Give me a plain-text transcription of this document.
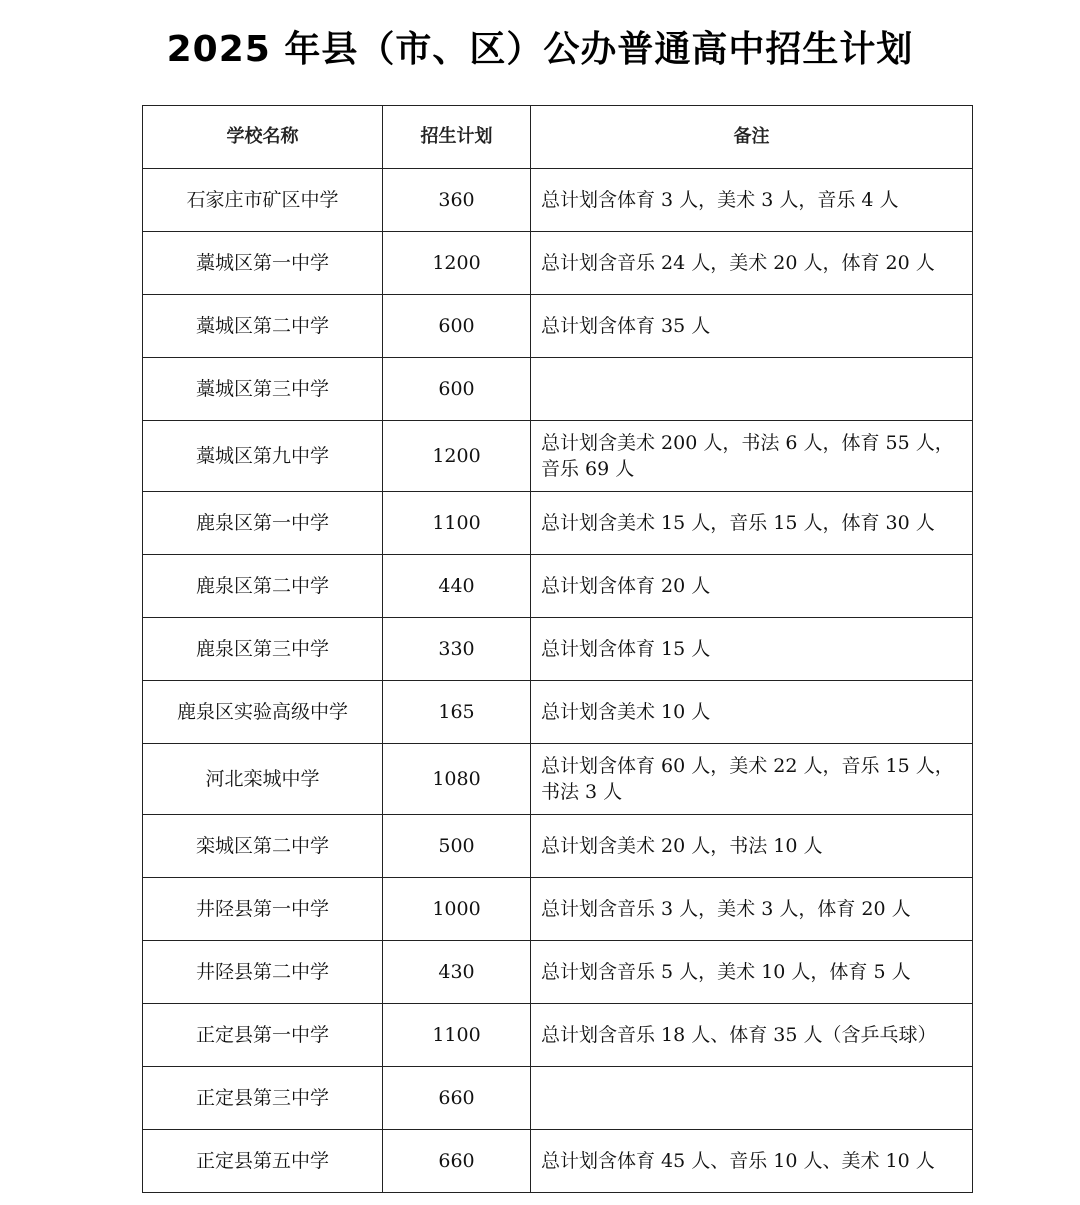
2025 年县（市、区）公办普通高中招生计划
学校名称	招生计划	备注
石家庄市矿区中学	360	总计划含体育 3 人，美术 3 人，音乐 4 人
藁城区第一中学	1200	总计划含音乐 24 人，美术 20 人，体育 20 人
藁城区第二中学	600	总计划含体育 35 人
藁城区第三中学	600	
藁城区第九中学	1200	总计划含美术 200 人，书法 6 人，体育 55 人，
音乐 69 人
鹿泉区第一中学	1100	总计划含美术 15 人，音乐 15 人，体育 30 人
鹿泉区第二中学	440	总计划含体育 20 人
鹿泉区第三中学	330	总计划含体育 15 人
鹿泉区实验高级中学	165	总计划含美术 10 人
河北栾城中学	1080	总计划含体育 60 人，美术 22 人，音乐 15 人，
书法 3 人
栾城区第二中学	500	总计划含美术 20 人，书法 10 人
井陉县第一中学	1000	总计划含音乐 3 人，美术 3 人，体育 20 人
井陉县第二中学	430	总计划含音乐 5 人，美术 10 人，体育 5 人
正定县第一中学	1100	总计划含音乐 18 人、体育 35 人（含乒乓球）
正定县第三中学	660	
正定县第五中学	660	总计划含体育 45 人、音乐 10 人、美术 10 人
